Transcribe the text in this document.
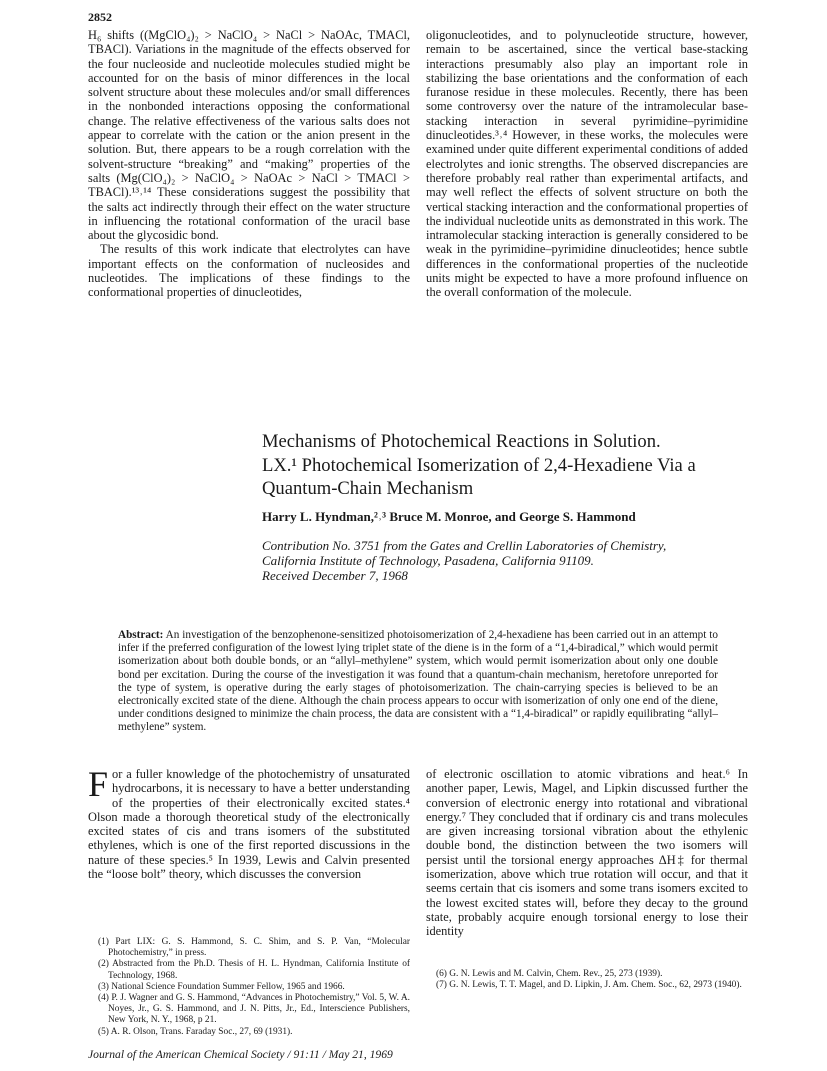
2852

H₆ shifts ((MgClO₄)₂ > NaClO₄ > NaCl > NaOAc, TMACl, TBACl). Variations in the magnitude of the effects observed for the four nucleoside and nucleotide molecules studied might be accounted for on the basis of minor differences in the local solvent structure about these molecules and/or small differences in the nonbonded interactions opposing the conformational change. The relative effectiveness of the various salts does not appear to correlate with the cation or the anion present in the solution. But, there appears to be a rough correlation with the solvent-structure “breaking” and “making” properties of the salts (Mg(ClO₄)₂ > NaClO₄ > NaOAc > NaCl > TMACl > TBACl).¹³˒¹⁴ These considerations suggest the possibility that the salts act indirectly through their effect on the water structure in influencing the rotational conformation of the uracil base about the glycosidic bond.

The results of this work indicate that electrolytes can have important effects on the conformation of nucleosides and nucleotides. The implications of these findings to the conformational properties of dinucleotides,

oligonucleotides, and to polynucleotide structure, however, remain to be ascertained, since the vertical base-stacking interactions presumably also play an important role in stabilizing the base orientations and the conformation of each furanose residue in these molecules. Recently, there has been some controversy over the nature of the intramolecular base-stacking interaction in several pyrimidine–pyrimidine dinucleotides.³˒⁴ However, in these works, the molecules were examined under quite different experimental conditions of added electrolytes and ionic strengths. The observed discrepancies are therefore probably real rather than experimental artifacts, and may well reflect the effects of solvent structure on both the vertical stacking interaction and the conformational properties of the individual nucleotide units as demonstrated in this work. The intramolecular stacking interaction is generally considered to be weak in the pyrimidine–pyrimidine dinucleotides; hence subtle differences in the conformational properties of the nucleotide units might be expected to have a more profound influence on the overall conformation of the molecule.

Mechanisms of Photochemical Reactions in Solution.
LX.¹ Photochemical Isomerization of 2,4-Hexadiene Via a
Quantum-Chain Mechanism
Harry L. Hyndman,²˒³ Bruce M. Monroe, and George S. Hammond
Contribution No. 3751 from the Gates and Crellin Laboratories of Chemistry,
California Institute of Technology, Pasadena, California 91109.
Received December 7, 1968
Abstract: An investigation of the benzophenone-sensitized photoisomerization of 2,4-hexadiene has been carried out in an attempt to infer if the preferred configuration of the lowest lying triplet state of the diene is in the form of a “1,4-biradical,” which would permit isomerization about both double bonds, or an “allyl–methylene” system, which would permit isomerization about only one double bond per excitation. During the course of the investigation it was found that a quantum-chain mechanism, heretofore unreported for the type of system, is operative during the early stages of photoisomerization. The chain-carrying species is believed to be an electronically excited state of the diene. Although the chain process appears to occur with isomerization of only one end of the diene, under conditions designed to minimize the chain process, the data are consistent with a “1,4-biradical” or rapidly equilibrating “allyl–methylene” system.
F or a fuller knowledge of the photochemistry of unsaturated hydrocarbons, it is necessary to have a better understanding of the properties of their electronically excited states.⁴ Olson made a thorough theoretical study of the electronically excited states of cis and trans isomers of the substituted ethylenes, which is one of the first reported discussions in the nature of these species.⁵ In 1939, Lewis and Calvin presented the “loose bolt” theory, which discusses the conversion
of electronic oscillation to atomic vibrations and heat.⁶ In another paper, Lewis, Magel, and Lipkin discussed further the conversion of electronic energy into rotational and vibrational energy.⁷ They concluded that if ordinary cis and trans molecules are given increasing torsional vibration about the ethylenic double bond, the distinction between the two isomers will persist until the torsional energy approaches ΔH‡ for thermal isomerization, above which true rotation will occur, and that it seems certain that cis isomers and some trans isomers excited to the lowest excited states will, before they decay to the ground state, probably acquire enough torsional energy to lose their identity
(1) Part LIX: G. S. Hammond, S. C. Shim, and S. P. Van, “Molecular Photochemistry,” in press.
(2) Abstracted from the Ph.D. Thesis of H. L. Hyndman, California Institute of Technology, 1968.
(3) National Science Foundation Summer Fellow, 1965 and 1966.
(4) P. J. Wagner and G. S. Hammond, “Advances in Photochemistry,” Vol. 5, W. A. Noyes, Jr., G. S. Hammond, and J. N. Pitts, Jr., Ed., Interscience Publishers, New York, N. Y., 1968, p 21.
(5) A. R. Olson, Trans. Faraday Soc., 27, 69 (1931).
(6) G. N. Lewis and M. Calvin, Chem. Rev., 25, 273 (1939).
(7) G. N. Lewis, T. T. Magel, and D. Lipkin, J. Am. Chem. Soc., 62, 2973 (1940).
Journal of the American Chemical Society / 91:11 / May 21, 1969
